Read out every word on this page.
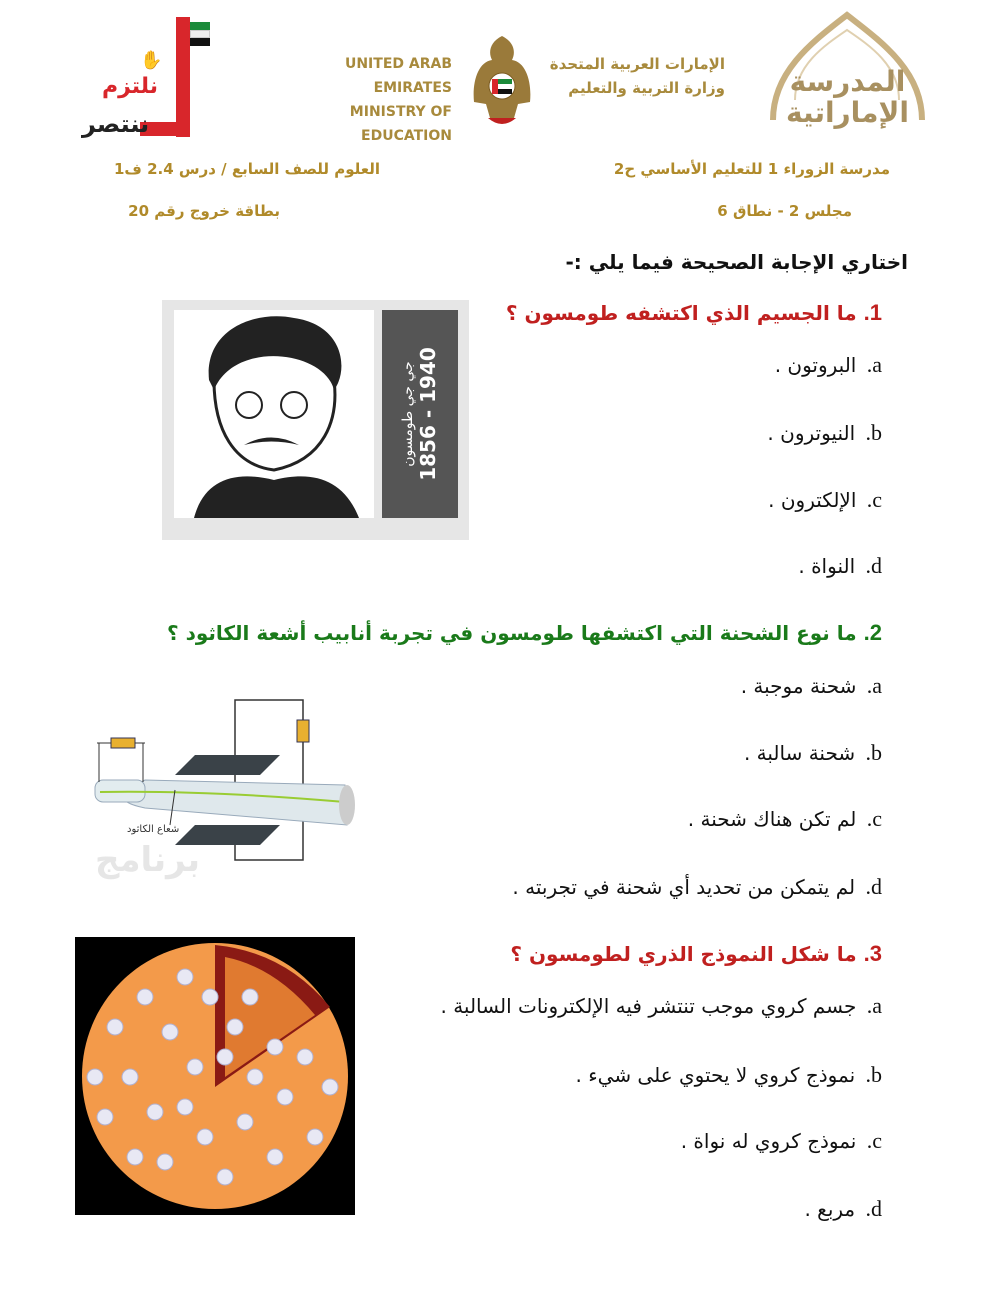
✋
نلتزم
ننتصر
UNITED ARAB EMIRATES
MINISTRY OF EDUCATION
الإمارات العربية المتحدة
وزارة التربية والتعليم	المدرسة
الإماراتية
مدرسة الزوراء 1 للتعليم الأساسي ح2
مجلس 2 - نطاق 6
العلوم للصف السابع / درس 2.4 ف1
بطاقة خروج رقم 20
اختاري الإجابة الصحيحة فيما يلي :-
1. ما الجسيم الذي اكتشفه طومسون ؟
a. البروتون .
b. النيوترون .
c. الإلكترون .
d. النواة .
جي جي طومسون 1856 - 1940
2. ما نوع الشحنة التي اكتشفها طومسون في تجربة أنابيب أشعة الكاثود ؟
a. شحنة موجبة .
b. شحنة سالبة .
c. لم تكن هناك شحنة .
d. لم يتمكن من تحديد أي شحنة في تجربته .
شعاع الكاثود
برنامج
3. ما شكل النموذج الذري لطومسون ؟
a. جسم كروي موجب تنتشر فيه الإلكترونات السالبة .
b. نموذج كروي لا يحتوي على شيء .
c. نموذج كروي له نواة .
d. مربع .
